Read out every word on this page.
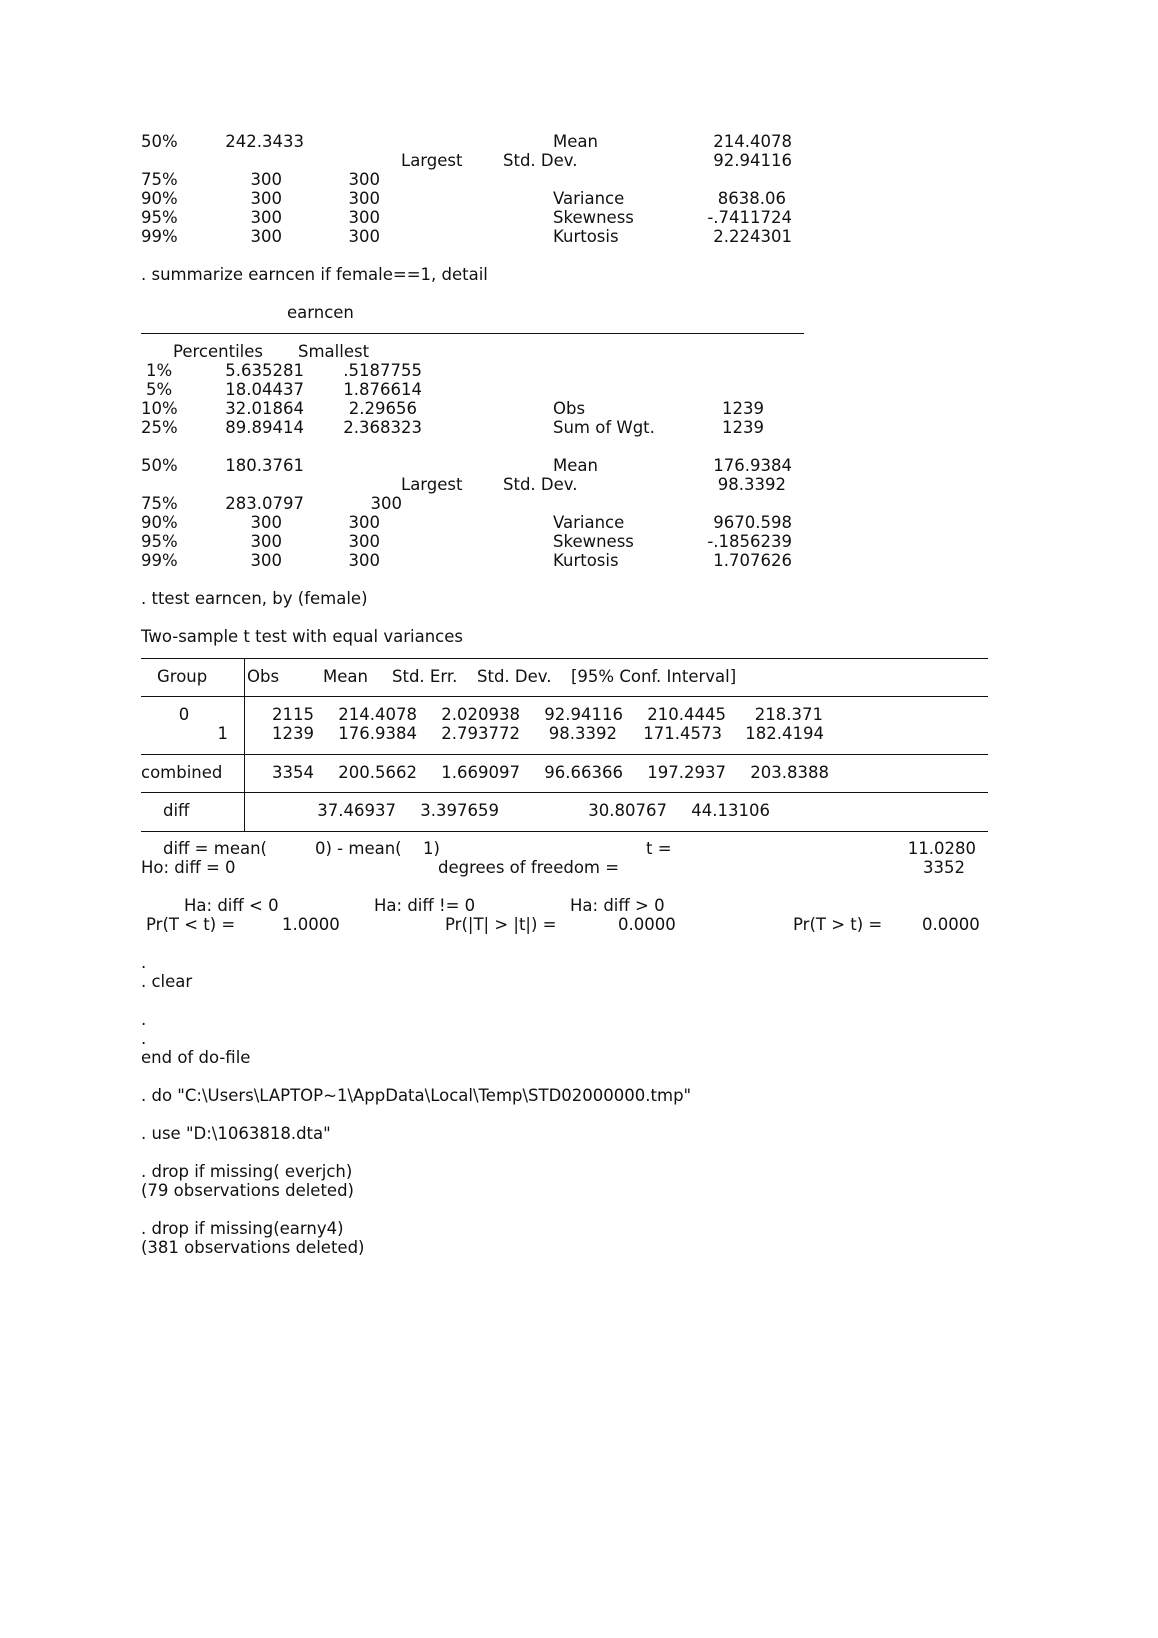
50%	242.3433	Mean	214.4078
Largest Std. Dev.	92.94116
75%	300	300
90%	300	300	Variance	8638.06
95%	300	300	Skewness	-.7411724
99%	300	300	Kurtosis	2.224301
. summarize earncen if female==1, detail
earncen
Percentiles Smallest
1%	5.635281	.5187755
5%	18.04437	1.876614
10%	32.01864	2.29656	Obs	1239
25%	89.89414	2.368323	Sum of Wgt.	1239
50%	180.3761	Mean	176.9384
Largest Std. Dev.	98.3392
75%	283.0797	300
90%	300	300	Variance	9670.598
95%	300	300	Skewness	-.1856239
99%	300	300	Kurtosis	1.707626
. ttest earncen, by (female)
Two-sample t test with equal variances
Group Obs	Mean Std. Err. Std. Dev. [95% Conf. Interval]
0	2115	214.4078	2.020938	92.94116	210.4445	218.371
1	1239	176.9384	2.793772	98.3392	171.4573	182.4194
combined	3354	200.5662	1.669097	96.66366	197.2937	203.8388
diff	37.46937	3.397659	30.80767	44.13106
diff = mean(	0) - mean( 1)	t =	11.0280
Ho: diff = 0	degrees of freedom =	3352
Ha: diff < 0	Ha: diff != 0	Ha: diff > 0
Pr(T < t) =	1.0000	Pr(|T| > |t|) =	0.0000	Pr(T > t) = 0.0000
.
. clear
.
.
end of do-file
. do "C:\Users\LAPTOP~1\AppData\Local\Temp\STD02000000.tmp"
. use "D:\1063818.dta"
. drop if missing( everjch)
(79 observations deleted)
. drop if missing(earny4)
(381 observations deleted)
